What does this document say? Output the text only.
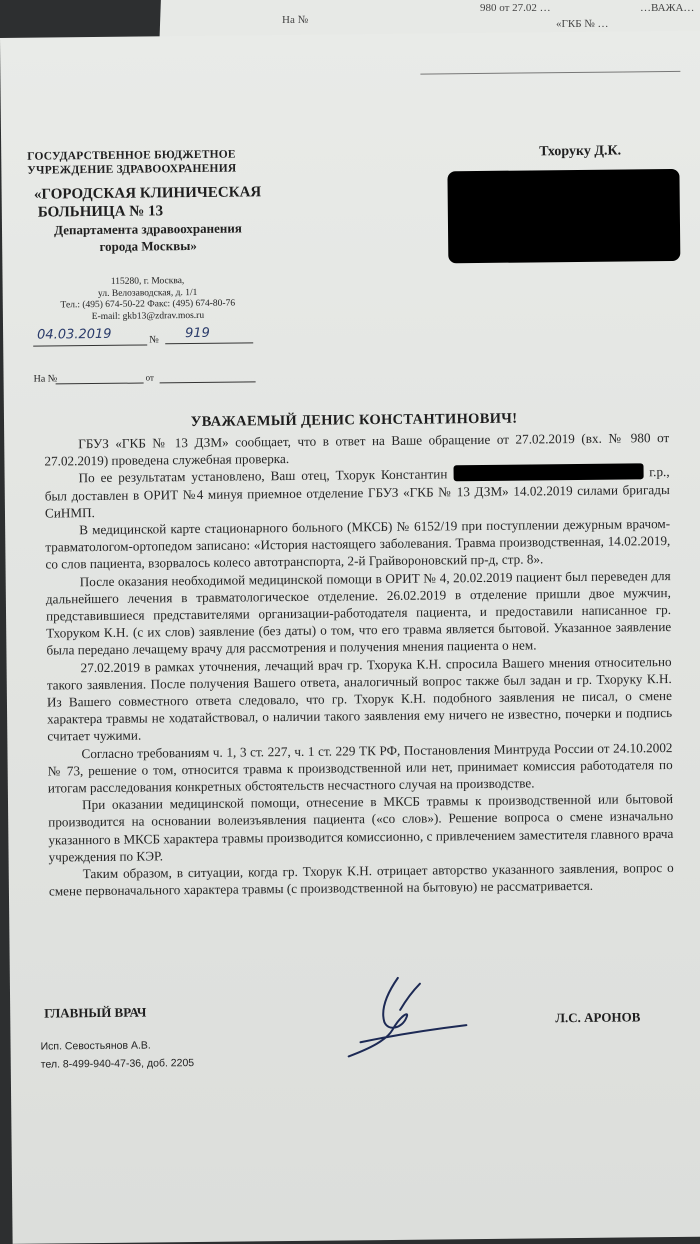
На №
980 от 27.02 …
«ГКБ № …
…ВАЖА…
ГОСУДАРСТВЕННОЕ БЮДЖЕТНОЕ
УЧРЕЖДЕНИЕ ЗДРАВООХРАНЕНИЯ
«ГОРОДСКАЯ КЛИНИЧЕСКАЯ
БОЛЬНИЦА № 13
Департамента здравоохранения
города Москвы»
115280, г. Москва,
ул. Велозаводская, д. 1/1
Тел.: (495) 674-50-22 Факс: (495) 674-80-76
E-mail: gkb13@zdrav.mos.ru
04.03.2019	№	919
На №	от
Тхоруку Д.К.
УВАЖАЕМЫЙ ДЕНИС КОНСТАНТИНОВИЧ!

ГБУЗ «ГКБ № 13 ДЗМ» сообщает, что в ответ на Ваше обращение от 27.02.2019 (вх. № 980 от 27.02.2019) проведена служебная проверка.

По ее результатам установлено, Ваш отец, Тхорук Константин	г.р., был доставлен в ОРИТ №4 минуя приемное отделение ГБУЗ «ГКБ № 13 ДЗМ» 14.02.2019 силами бригады СиНМП.

В медицинской карте стационарного больного (МКСБ) № 6152/19 при поступлении дежурным врачом-травматологом-ортопедом записано: «История настоящего заболевания. Травма производственная, 14.02.2019, со слов пациента, взорвалось колесо автотранспорта, 2-й Грайвороновский пр-д, стр. 8».

После оказания необходимой медицинской помощи в ОРИТ № 4, 20.02.2019 пациент был переведен для дальнейшего лечения в травматологическое отделение. 26.02.2019 в отделение пришли двое мужчин, представившиеся представителями организации-работодателя пациента, и предоставили написанное гр. Тхоруком К.Н. (с их слов) заявление (без даты) о том, что его травма является бытовой. Указанное заявление была передано лечащему врачу для рассмотрения и получения мнения пациента о нем.

27.02.2019 в рамках уточнения, лечащий врач гр. Тхорука К.Н. спросила Вашего мнения относительно такого заявления. После получения Вашего ответа, аналогичный вопрос также был задан и гр. Тхоруку К.Н. Из Вашего совместного ответа следовало, что гр. Тхорук К.Н. подобного заявления не писал, о смене характера травмы не ходатайствовал, о наличии такого заявления ему ничего не известно, почерки и подпись считает чужими.

Согласно требованиям ч. 1, 3 ст. 227, ч. 1 ст. 229 ТК РФ, Постановления Минтруда России от 24.10.2002 № 73, решение о том, относится травма к производственной или нет, принимает комиссия работодателя по итогам расследования конкретных обстоятельств несчастного случая на производстве.

При оказании медицинской помощи, отнесение в МКСБ травмы к производственной или бытовой производится на основании волеизъявления пациента («со слов»). Решение вопроса о смене изначально указанного в МКСБ характера травмы производится комиссионно, с привлечением заместителя главного врача учреждения по КЭР.

Таким образом, в ситуации, когда гр. Тхорук К.Н. отрицает авторство указанного заявления, вопрос о смене первоначального характера травмы (с производственной на бытовую) не рассматривается.

ГЛАВНЫЙ ВРАЧ	Л.С. АРОНОВ
Исп. Севостьянов А.В.
тел. 8-499-940-47-36, доб. 2205
